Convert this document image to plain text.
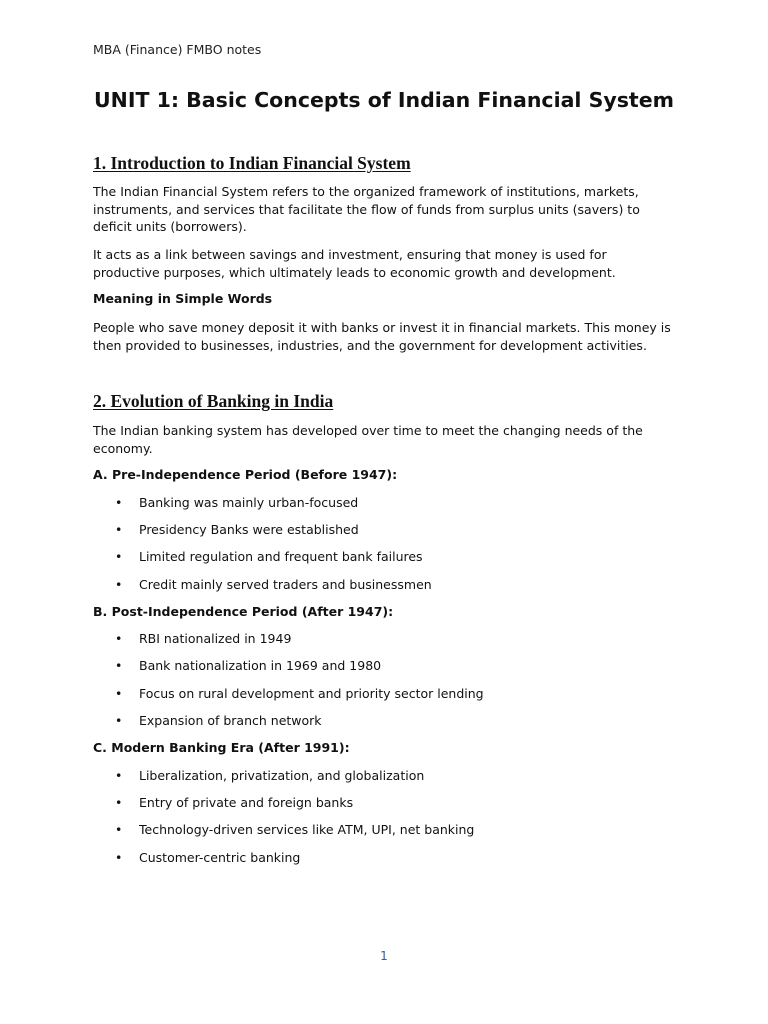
MBA (Finance) FMBO notes

UNIT 1: Basic Concepts of Indian Financial System
1. Introduction to Indian Financial System

The Indian Financial System refers to the organized framework of institutions, markets, instruments, and services that facilitate the flow of funds from surplus units (savers) to deficit units (borrowers).

It acts as a link between savings and investment, ensuring that money is used for productive purposes, which ultimately leads to economic growth and development.

Meaning in Simple Words

People who save money deposit it with banks or invest it in financial markets. This money is then provided to businesses, industries, and the government for development activities.

2. Evolution of Banking in India

The Indian banking system has developed over time to meet the changing needs of the economy.

A. Pre-Independence Period (Before 1947):

• Banking was mainly urban-focused
• Presidency Banks were established
• Limited regulation and frequent bank failures
• Credit mainly served traders and businessmen

B. Post-Independence Period (After 1947):

• RBI nationalized in 1949
• Bank nationalization in 1969 and 1980
• Focus on rural development and priority sector lending
• Expansion of branch network

C. Modern Banking Era (After 1991):

• Liberalization, privatization, and globalization
• Entry of private and foreign banks
• Technology-driven services like ATM, UPI, net banking
• Customer-centric banking

1
